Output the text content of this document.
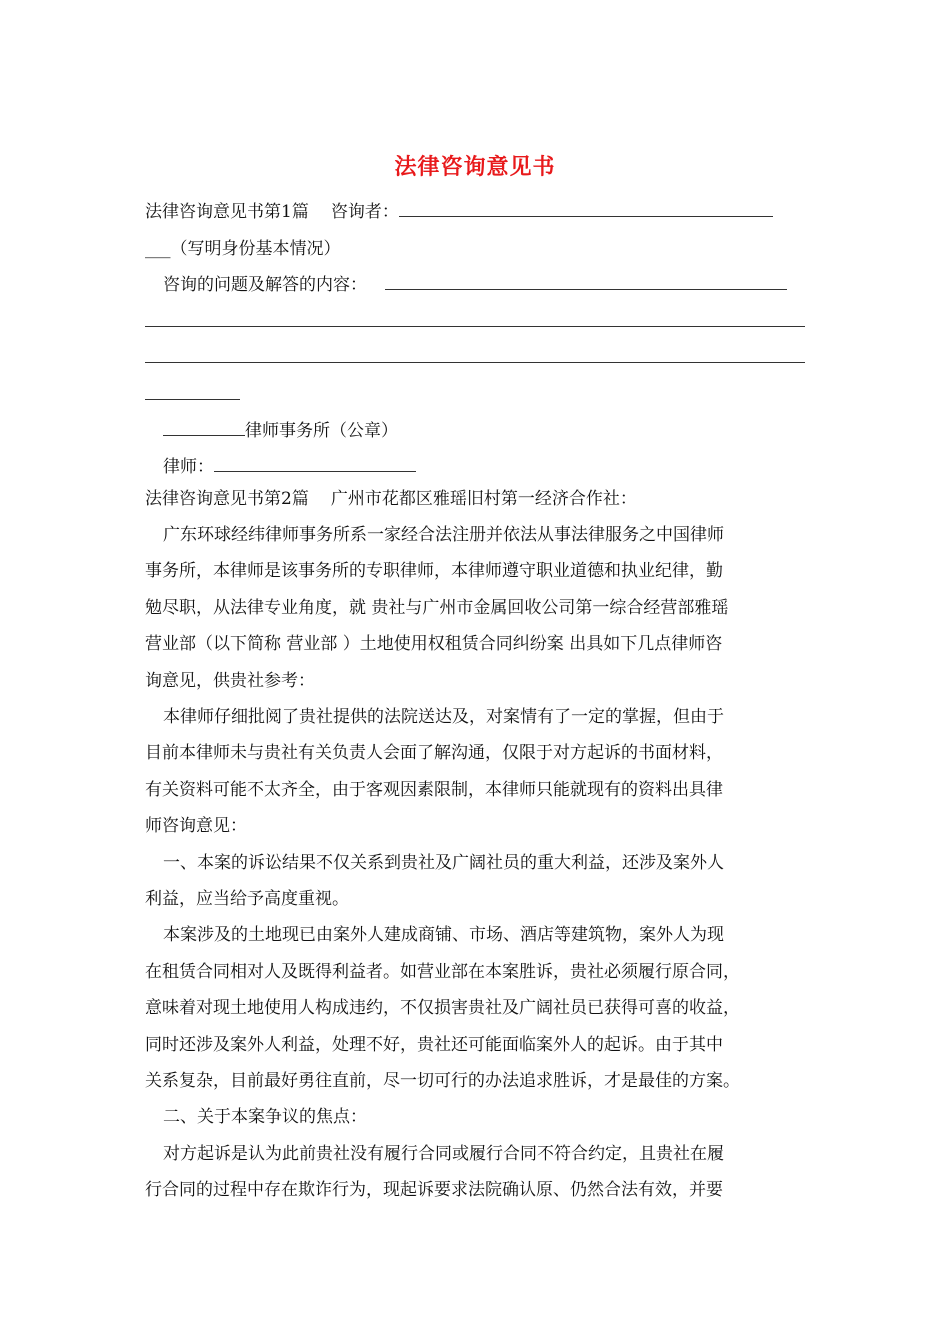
法律咨询意见书
法律咨询意见书第1篇 咨询者：
___（写明身份基本情况）
咨询的问题及解答的内容：
律师事务所（公章）
律师：
法律咨询意见书第2篇 广州市花都区雅瑶旧村第一经济合作社：
广东环球经纬律师事务所系一家经合法注册并依法从事法律服务之中国律师
事务所，本律师是该事务所的专职律师，本律师遵守职业道德和执业纪律，勤
勉尽职，从法律专业角度，就 贵社与广州市金属回收公司第一综合经营部雅瑶
营业部（以下简称 营业部 ）土地使用权租赁合同纠纷案 出具如下几点律师咨
询意见，供贵社参考：
本律师仔细批阅了贵社提供的法院送达及，对案情有了一定的掌握，但由于
目前本律师未与贵社有关负责人会面了解沟通，仅限于对方起诉的书面材料，
有关资料可能不太齐全，由于客观因素限制，本律师只能就现有的资料出具律
师咨询意见：
一、本案的诉讼结果不仅关系到贵社及广阔社员的重大利益，还涉及案外人
利益，应当给予高度重视。
本案涉及的土地现已由案外人建成商铺、市场、酒店等建筑物，案外人为现
在租赁合同相对人及既得利益者。如营业部在本案胜诉，贵社必须履行原合同，
意味着对现土地使用人构成违约，不仅损害贵社及广阔社员已获得可喜的收益，
同时还涉及案外人利益，处理不好，贵社还可能面临案外人的起诉。由于其中
关系复杂，目前最好勇往直前，尽一切可行的办法追求胜诉，才是最佳的方案。
二、关于本案争议的焦点：
对方起诉是认为此前贵社没有履行合同或履行合同不符合约定，且贵社在履
行合同的过程中存在欺诈行为，现起诉要求法院确认原、仍然合法有效，并要
